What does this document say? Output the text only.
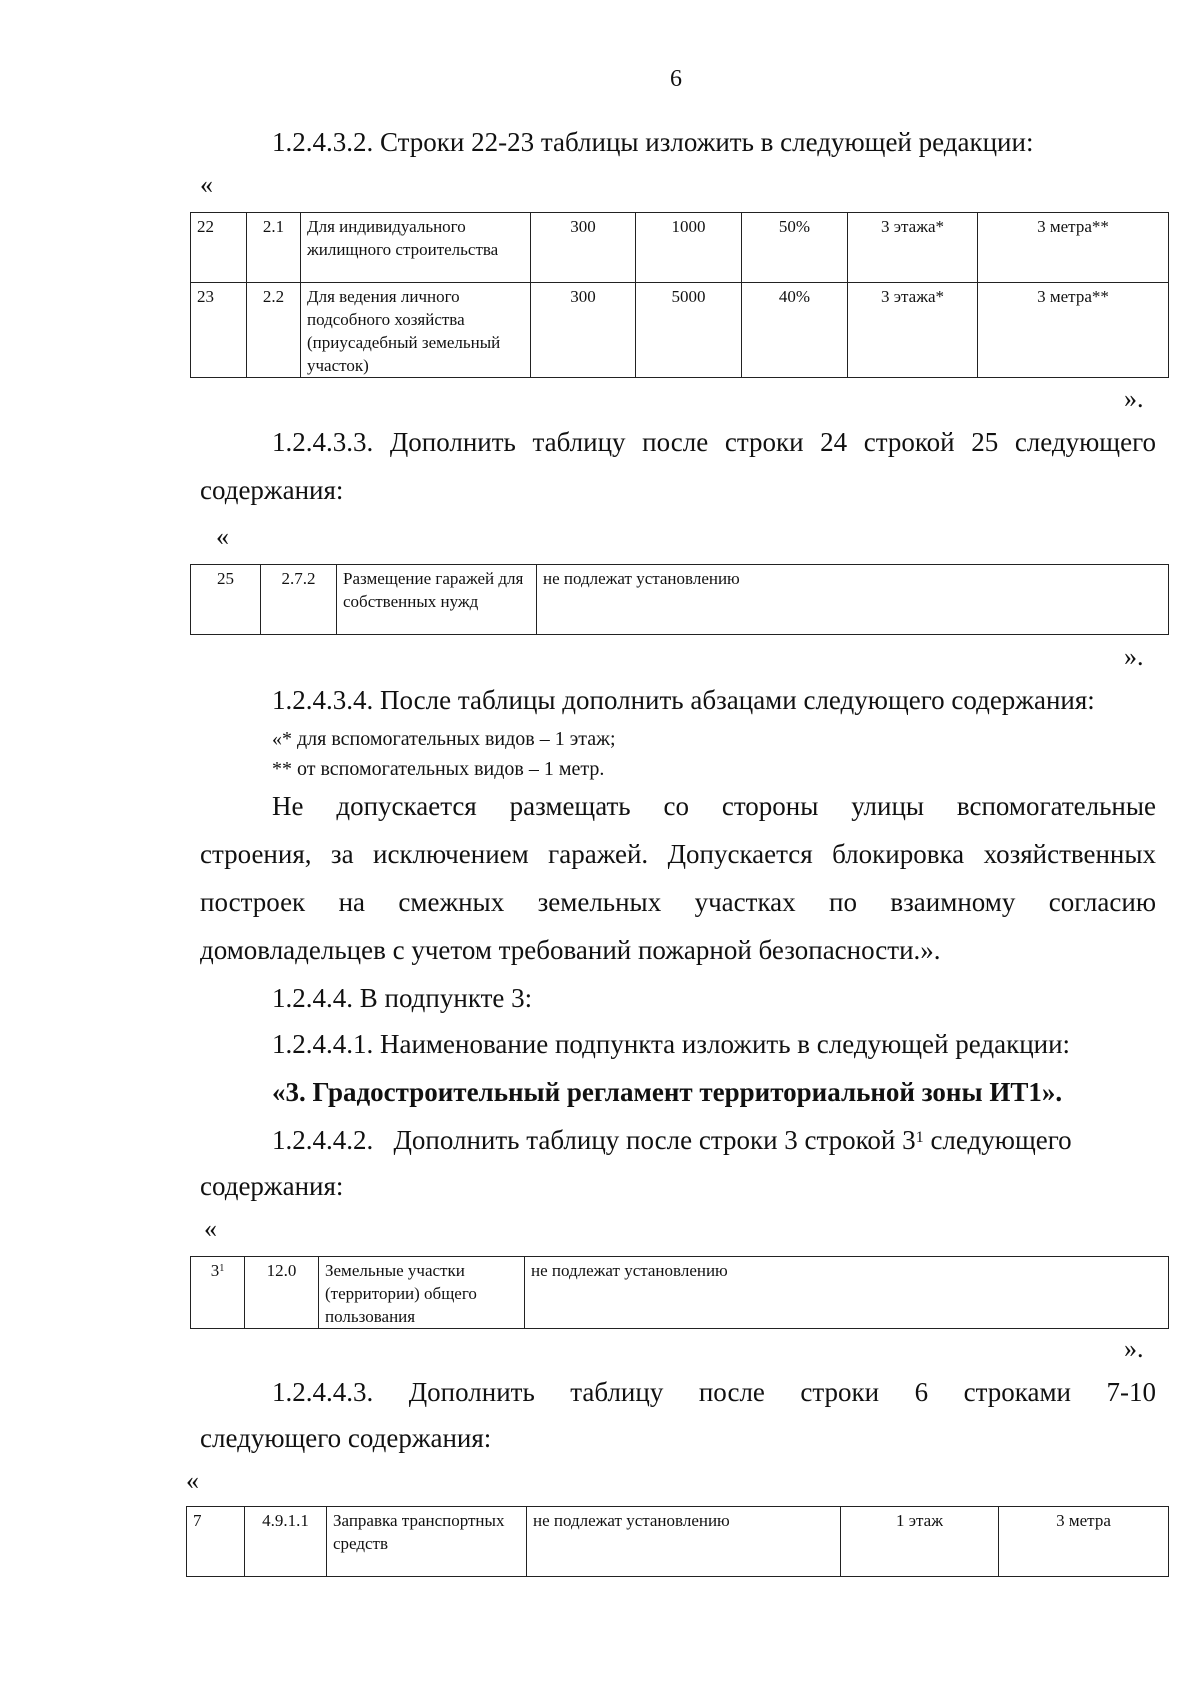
6
1.2.4.3.2. Строки 22-23 таблицы изложить в следующей редакции:
«
22	2.1	Для индивидуального жилищного строительства	300	1000	50%	3 этажа*	3 метра**
23	2.2	Для ведения личного подсобного хозяйства (приусадебный земельный участок)	300	5000	40%	3 этажа*	3 метра**
».
1.2.4.3.3. Дополнить таблицу после строки 24 строкой 25 следующего
содержания:
«
25	2.7.2	Размещение гаражей для собственных нужд	не подлежат установлению
».
1.2.4.3.4. После таблицы дополнить абзацами следующего содержания:
«* для вспомогательных видов – 1 этаж;
** от вспомогательных видов – 1 метр.
Не допускается размещать со стороны улицы вспомогательные
строения, за исключением гаражей. Допускается блокировка хозяйственных
построек на смежных земельных участках по взаимному согласию
домовладельцев с учетом требований пожарной безопасности.».
1.2.4.4. В подпункте 3:
1.2.4.4.1. Наименование подпункта изложить в следующей редакции:
«3. Градостроительный регламент территориальной зоны ИТ1».
1.2.4.4.2.   Дополнить таблицу после строки 3 строкой $3^1$ следующего
содержания:
«
$3^1$	12.0	Земельные участки (территории) общего пользования	не подлежат установлению
».
1.2.4.4.3. Дополнить таблицу после строки 6 строками 7-10
следующего содержания:
«
7	4.9.1.1	Заправка транспортных средств	не подлежат установлению	1 этаж	3 метра
